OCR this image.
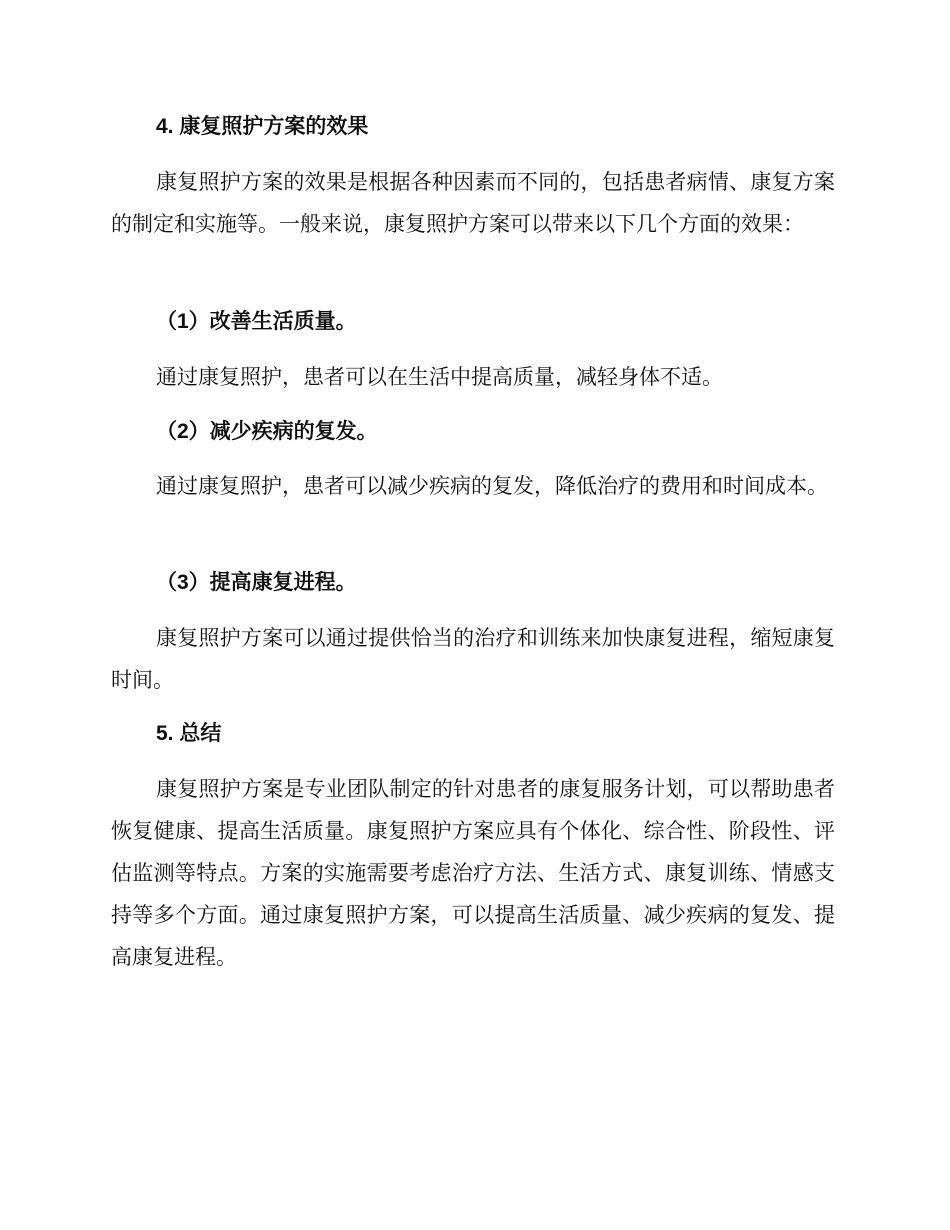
4. 康复照护方案的效果

康复照护方案的效果是根据各种因素而不同的，包括患者病情、康复方案的制定和实施等。一般来说，康复照护方案可以带来以下几个方面的效果：

（1）改善生活质量。

通过康复照护，患者可以在生活中提高质量，减轻身体不适。

（2）减少疾病的复发。

通过康复照护，患者可以减少疾病的复发，降低治疗的费用和时间成本。

（3）提高康复进程。

康复照护方案可以通过提供恰当的治疗和训练来加快康复进程，缩短康复时间。

5. 总结

康复照护方案是专业团队制定的针对患者的康复服务计划，可以帮助患者恢复健康、提高生活质量。康复照护方案应具有个体化、综合性、阶段性、评估监测等特点。方案的实施需要考虑治疗方法、生活方式、康复训练、情感支持等多个方面。通过康复照护方案，可以提高生活质量、减少疾病的复发、提高康复进程。
